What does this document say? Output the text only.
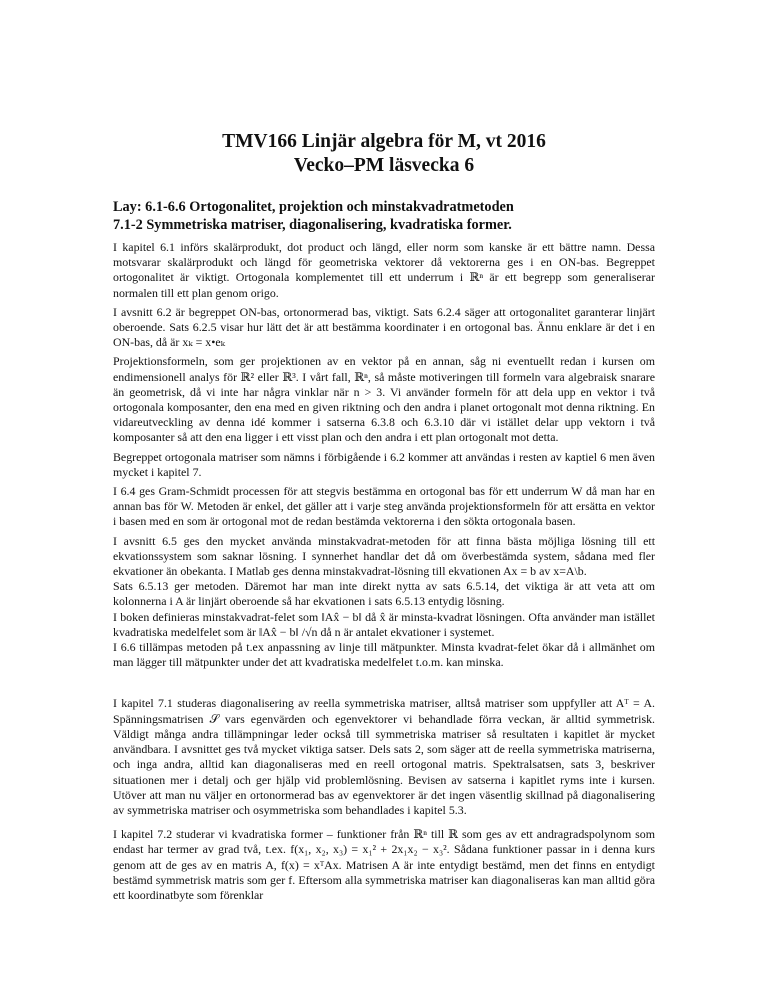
TMV166 Linjär algebra för M, vt 2016
Vecko–PM läsvecka 6
Lay: 6.1-6.6 Ortogonalitet, projektion och minstakvadratmetoden
7.1-2 Symmetriska matriser, diagonalisering, kvadratiska former.

I kapitel 6.1 införs skalärprodukt, dot product och längd, eller norm som kanske är ett bättre namn. Dessa motsvarar skalärprodukt och längd för geometriska vektorer då vektorerna ges i en ON-bas. Begreppet ortogonalitet är viktigt. Ortogonala komplementet till ett underrum i ℝⁿ är ett begrepp som generaliserar normalen till ett plan genom origo.

I avsnitt 6.2 är begreppet ON-bas, ortonormerad bas, viktigt. Sats 6.2.4 säger att ortogonalitet garanterar linjärt oberoende. Sats 6.2.5 visar hur lätt det är att bestämma koordinater i en ortogonal bas. Ännu enklare är det i en ON-bas, då är xₖ = x•eₖ

Projektionsformeln, som ger projektionen av en vektor på en annan, såg ni eventuellt redan i kursen om endimensionell analys för ℝ² eller ℝ³. I vårt fall, ℝⁿ, så måste motiveringen till formeln vara algebraisk snarare än geometrisk, då vi inte har några vinklar när n > 3. Vi använder formeln för att dela upp en vektor i två ortogonala komposanter, den ena med en given riktning och den andra i planet ortogonalt mot denna riktning. En vidareutveckling av denna idé kommer i satserna 6.3.8 och 6.3.10 där vi istället delar upp vektorn i två komposanter så att den ena ligger i ett visst plan och den andra i ett plan ortogonalt mot detta.

Begreppet ortogonala matriser som nämns i förbigående i 6.2 kommer att användas i resten av kaptiel 6 men även mycket i kapitel 7.

I 6.4 ges Gram-Schmidt processen för att stegvis bestämma en ortogonal bas för ett underrum W då man har en annan bas för W. Metoden är enkel, det gäller att i varje steg använda projektionsformeln för att ersätta en vektor i basen med en som är ortogonal mot de redan bestämda vektorerna i den sökta ortogonala basen.

I avsnitt 6.5 ges den mycket använda minstakvadrat-metoden för att finna bästa möjliga lösning till ett ekvationssystem som saknar lösning. I synnerhet handlar det då om överbestämda system, sådana med fler ekvationer än obekanta. I Matlab ges denna minstakvadrat-lösning till ekvationen Ax = b av x=A\b.

Sats 6.5.13 ger metoden. Däremot har man inte direkt nytta av sats 6.5.14, det viktiga är att veta att om kolonnerna i A är linjärt oberoende så har ekvationen i sats 6.5.13 entydig lösning.

I boken definieras minstakvadrat-felet som ‖Ax̂ − b‖ då x̂ är minsta-kvadrat lösningen. Ofta använder man istället kvadratiska medelfelet som är ‖Ax̂ − b‖ /√n då n är antalet ekvationer i systemet.

I 6.6 tillämpas metoden på t.ex anpassning av linje till mätpunkter. Minsta kvadrat-felet ökar då i allmänhet om man lägger till mätpunkter under det att kvadratiska medelfelet t.o.m. kan minska.

I kapitel 7.1 studeras diagonalisering av reella symmetriska matriser, alltså matriser som uppfyller att Aᵀ = A. Spänningsmatrisen 𝒮 vars egenvärden och egenvektorer vi behandlade förra veckan, är alltid symmetrisk. Väldigt många andra tillämpningar leder också till symmetriska matriser så resultaten i kapitlet är mycket användbara. I avsnittet ges två mycket viktiga satser. Dels sats 2, som säger att de reella symmetriska matriserna, och inga andra, alltid kan diagonaliseras med en reell ortogonal matris. Spektralsatsen, sats 3, beskriver situationen mer i detalj och ger hjälp vid problemlösning. Bevisen av satserna i kapitlet ryms inte i kursen. Utöver att man nu väljer en ortonormerad bas av egenvektorer är det ingen väsentlig skillnad på diagonalisering av symmetriska matriser och osymmetriska som behandlades i kapitel 5.3.

I kapitel 7.2 studerar vi kvadratiska former – funktioner från ℝⁿ till ℝ som ges av ett andragradspolynom som endast har termer av grad två, t.ex. f(x₁, x₂, x₃) = x₁² + 2x₁x₂ − x₃². Sådana funktioner passar in i denna kurs genom att de ges av en matris A, f(x) = xᵀAx. Matrisen A är inte entydigt bestämd, men det finns en entydigt bestämd symmetrisk matris som ger f. Eftersom alla symmetriska matriser kan diagonaliseras kan man alltid göra ett koordinatbyte som förenklar
